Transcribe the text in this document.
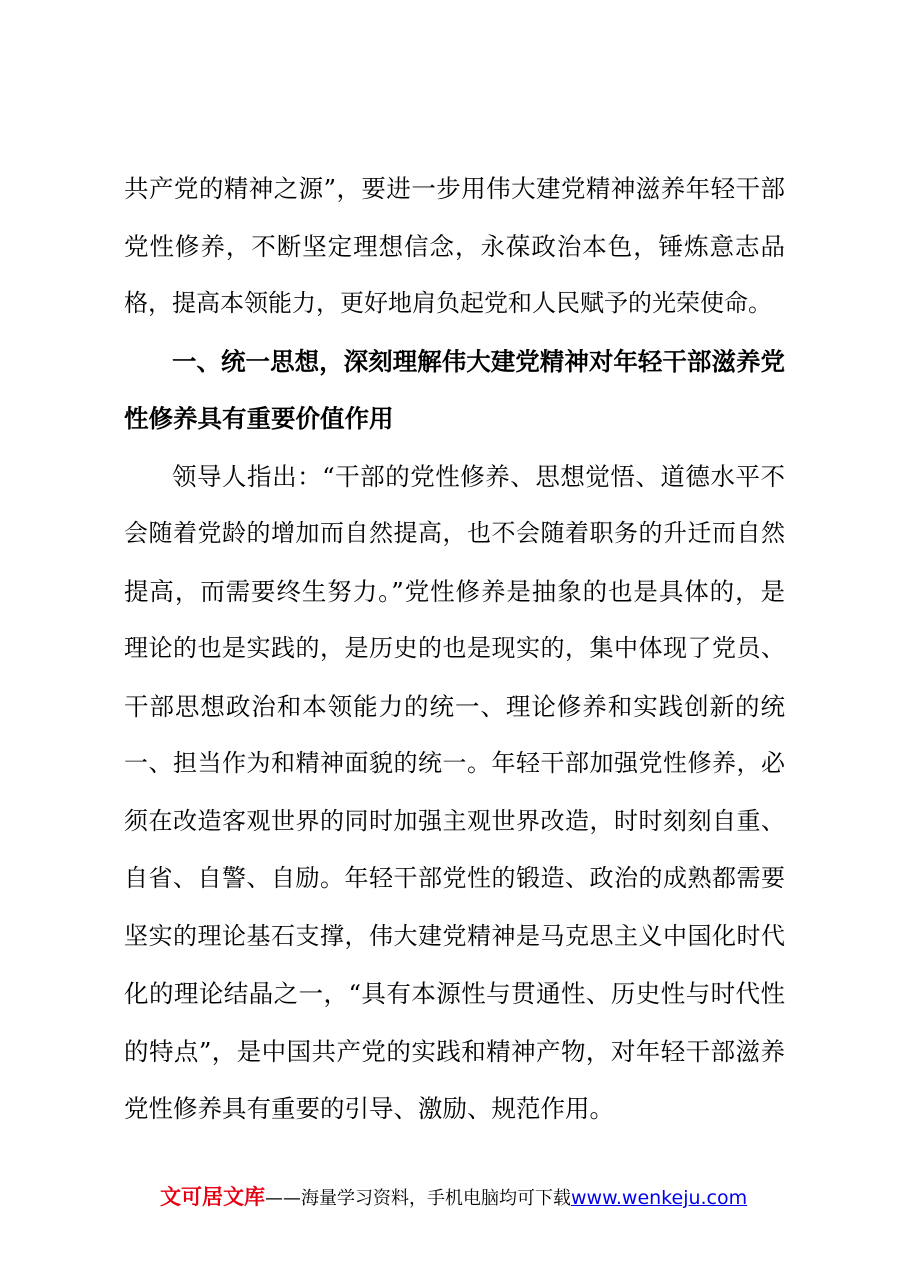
共产党的精神之源”，要进一步用伟大建党精神滋养年轻干部
党性修养，不断坚定理想信念，永葆政治本色，锤炼意志品
格，提高本领能力，更好地肩负起党和人民赋予的光荣使命。
一、统一思想，深刻理解伟大建党精神对年轻干部滋养党
性修养具有重要价值作用
领导人指出：“干部的党性修养、思想觉悟、道德水平不
会随着党龄的增加而自然提高，也不会随着职务的升迁而自然
提高，而需要终生努力。”党性修养是抽象的也是具体的，是
理论的也是实践的，是历史的也是现实的，集中体现了党员、
干部思想政治和本领能力的统一、理论修养和实践创新的统
一、担当作为和精神面貌的统一。年轻干部加强党性修养，必
须在改造客观世界的同时加强主观世界改造，时时刻刻自重、
自省、自警、自励。年轻干部党性的锻造、政治的成熟都需要
坚实的理论基石支撑，伟大建党精神是马克思主义中国化时代
化的理论结晶之一，“具有本源性与贯通性、历史性与时代性
的特点”，是中国共产党的实践和精神产物，对年轻干部滋养
党性修养具有重要的引导、激励、规范作用。
文可居文库——海量学习资料，手机电脑均可下载www.wenkeju.com
